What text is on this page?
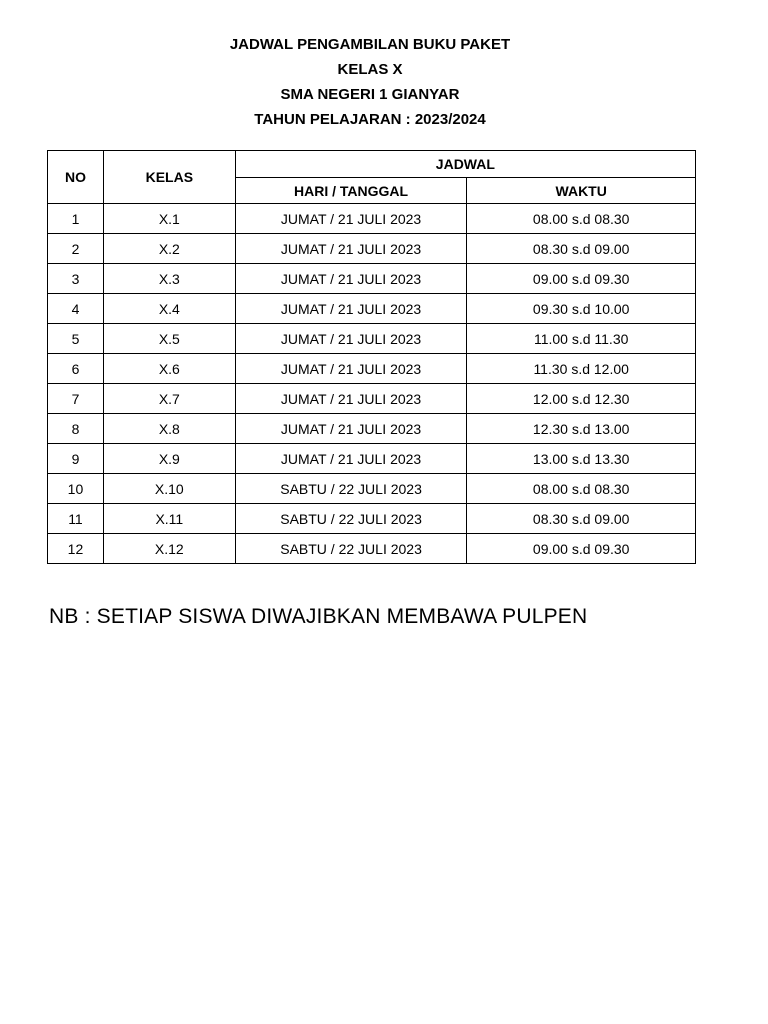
JADWAL PENGAMBILAN BUKU PAKET
KELAS X
SMA NEGERI 1 GIANYAR
TAHUN PELAJARAN : 2023/2024
NO	KELAS	JADWAL	
		HARI / TANGGAL	WAKTU
1	X.1	JUMAT / 21 JULI 2023	08.00 s.d 08.30
2	X.2	JUMAT / 21 JULI 2023	08.30 s.d 09.00
3	X.3	JUMAT / 21 JULI 2023	09.00 s.d 09.30
4	X.4	JUMAT / 21 JULI 2023	09.30 s.d 10.00
5	X.5	JUMAT / 21 JULI 2023	11.00 s.d 11.30
6	X.6	JUMAT / 21 JULI 2023	11.30 s.d 12.00
7	X.7	JUMAT / 21 JULI 2023	12.00 s.d 12.30
8	X.8	JUMAT / 21 JULI 2023	12.30 s.d 13.00
9	X.9	JUMAT / 21 JULI 2023	13.00 s.d 13.30
10	X.10	SABTU / 22 JULI 2023	08.00 s.d 08.30
11	X.11	SABTU / 22 JULI 2023	08.30 s.d 09.00
12	X.12	SABTU / 22 JULI 2023	09.00 s.d 09.30
NB : SETIAP SISWA DIWAJIBKAN MEMBAWA PULPEN
